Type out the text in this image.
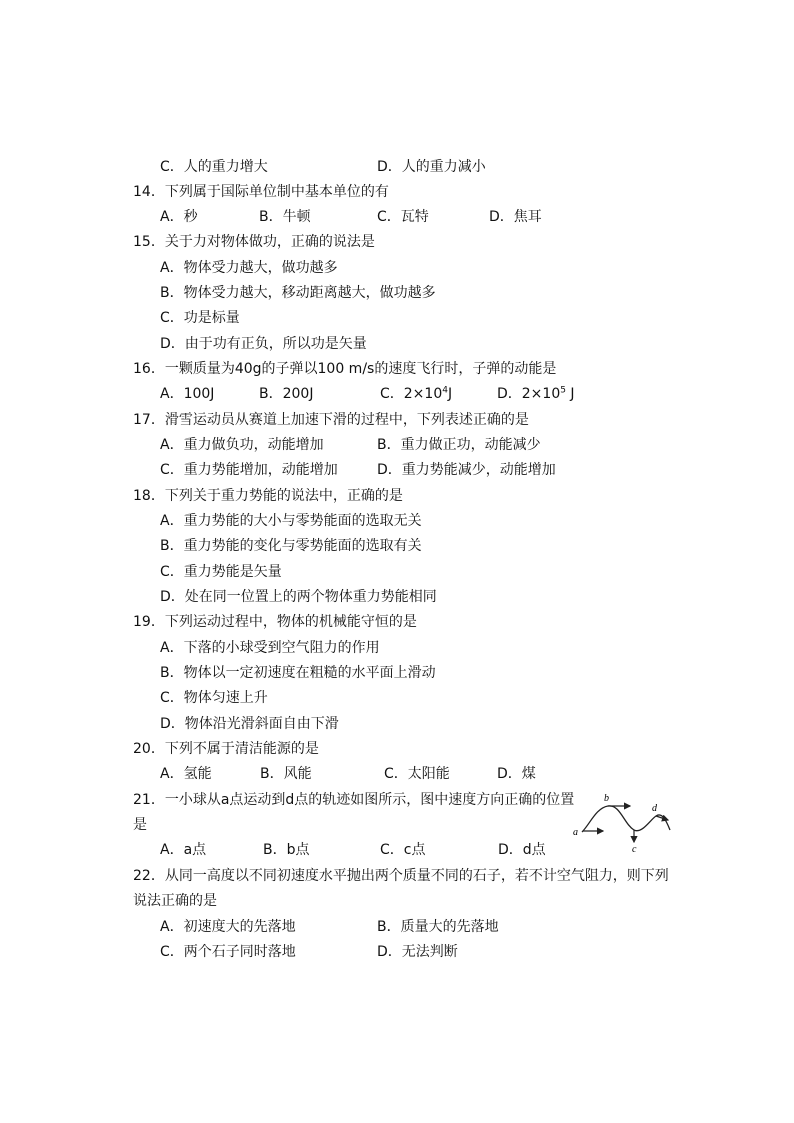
C．人的重力增大	D．人的重力减小
14．下列属于国际单位制中基本单位的有
A．秒	B．牛顿	C．瓦特	D．焦耳
15．关于力对物体做功，正确的说法是
A．物体受力越大，做功越多
B．物体受力越大，移动距离越大，做功越多
C．功是标量
D．由于功有正负，所以功是矢量
16．一颗质量为40g的子弹以100 m/s的速度飞行时，子弹的动能是
A．100J	B．200J	C．$2\times 10^4J$	D．$2\times 10^5$ J
17．滑雪运动员从赛道上加速下滑的过程中，下列表述正确的是
A．重力做负功，动能增加	B．重力做正功，动能减少
C．重力势能增加，动能增加	D．重力势能减少，动能增加
18．下列关于重力势能的说法中，正确的是
A．重力势能的大小与零势能面的选取无关
B．重力势能的变化与零势能面的选取有关
C．重力势能是矢量
D．处在同一位置上的两个物体重力势能相同
19．下列运动过程中，物体的机械能守恒的是
A．下落的小球受到空气阻力的作用
B．物体以一定初速度在粗糙的水平面上滑动
C．物体匀速上升
D．物体沿光滑斜面自由下滑
20．下列不属于清洁能源的是
A．氢能	B．风能	C．太阳能	D．煤
21．一小球从a点运动到d点的轨迹如图所示，图中速度方向正确的位置
是
A．a点	B．b点	C．c点	D．d点
a
b
c
d
22．从同一高度以不同初速度水平抛出两个质量不同的石子，若不计空气阻力，则下列
说法正确的是
A．初速度大的先落地	B．质量大的先落地
C．两个石子同时落地	D．无法判断
